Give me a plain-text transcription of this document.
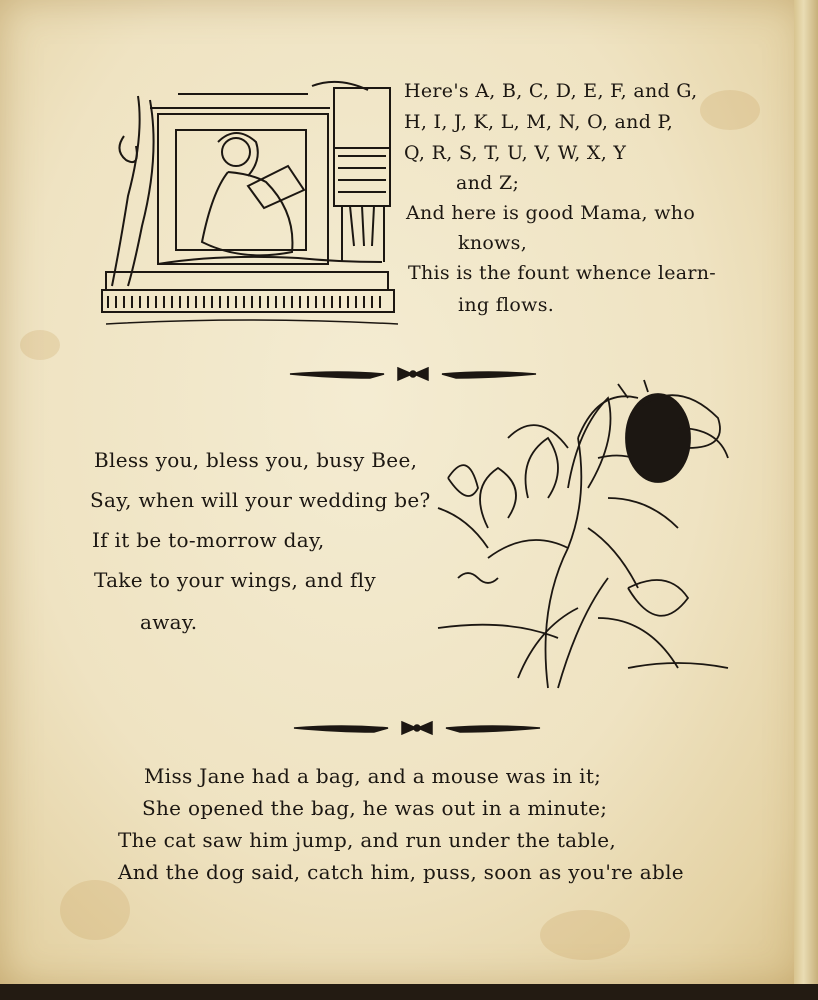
Here's A, B, C, D, E, F, and G,
H, I, J, K, L, M, N, O, and P,
Q, R, S, T, U, V, W, X, Y
and Z;
And here is good Mama, who
knows,
This is the fount whence learn-
ing flows.
Bless you, bless you, busy Bee,
Say, when will your wedding be?
If it be to-morrow day,
Take to your wings, and fly
away.
Miss Jane had a bag, and a mouse was in it;
She opened the bag, he was out in a minute;
The cat saw him jump, and run under the table,
And the dog said, catch him, puss, soon as you're able
